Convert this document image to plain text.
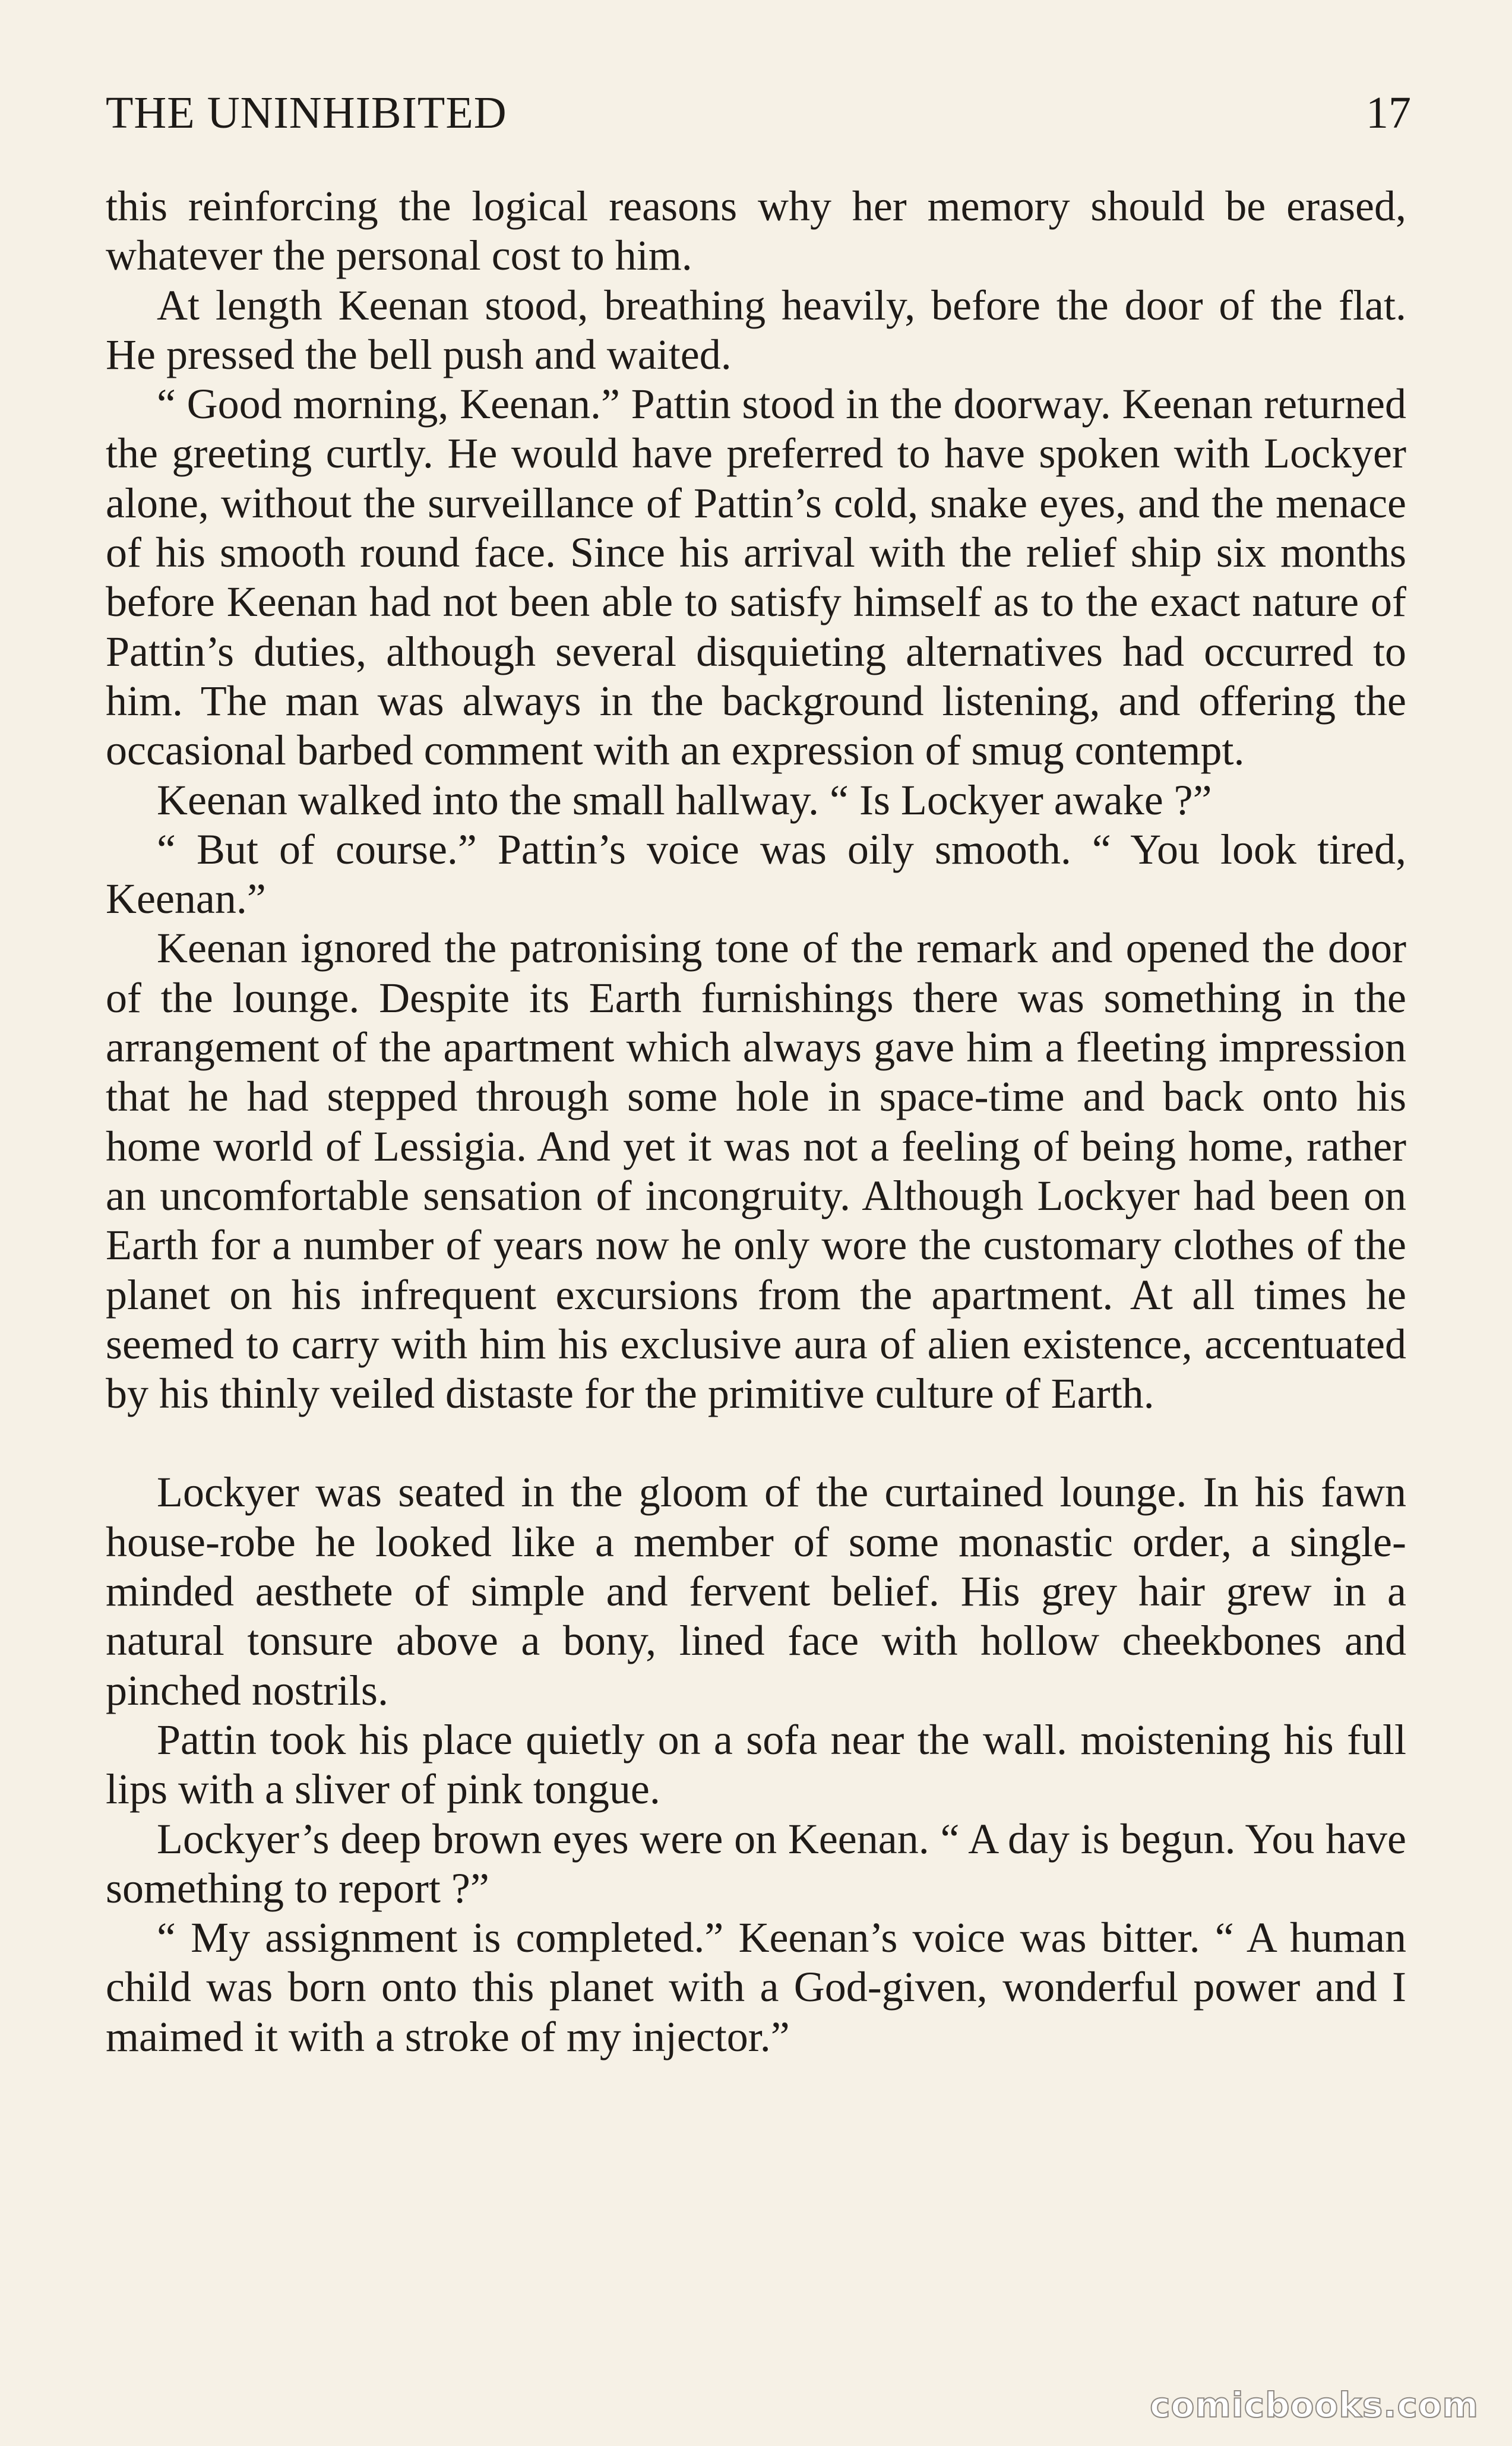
THE UNINHIBITED	17

this reinforcing the logical reasons why her memory should be erased, whatever the personal cost to him.

At length Keenan stood, breathing heavily, before the door of the flat. He pressed the bell push and waited.

“ Good morning, Keenan.” Pattin stood in the doorway. Keenan returned the greeting curtly. He would have preferred to have spoken with Lockyer alone, without the surveillance of Pattin’s cold, snake eyes, and the menace of his smooth round face. Since his arrival with the relief ship six months before Keenan had not been able to satisfy himself as to the exact nature of Pattin’s duties, although several disquieting alternatives had occurred to him. The man was always in the background listening, and offering the occasional barbed comment with an expression of smug contempt.

Keenan walked into the small hallway. “ Is Lockyer awake ?”

“ But of course.” Pattin’s voice was oily smooth. “ You look tired, Keenan.”

Keenan ignored the patronising tone of the remark and opened the door of the lounge. Despite its Earth furnishings there was something in the arrangement of the apartment which always gave him a fleeting impression that he had stepped through some hole in space-time and back onto his home world of Lessigia. And yet it was not a feeling of being home, rather an uncomfortable sensation of incongruity. Although Lockyer had been on Earth for a number of years now he only wore the customary clothes of the planet on his infrequent excursions from the apartment. At all times he seemed to carry with him his exclusive aura of alien existence, accentuated by his thinly veiled distaste for the primitive culture of Earth.

Lockyer was seated in the gloom of the curtained lounge. In his fawn house-robe he looked like a member of some monastic order, a single-minded aesthete of simple and fervent belief. His grey hair grew in a natural tonsure above a bony, lined face with hollow cheekbones and pinched nostrils.

Pattin took his place quietly on a sofa near the wall. moistening his full lips with a sliver of pink tongue.

Lockyer’s deep brown eyes were on Keenan. “ A day is begun. You have something to report ?”

“ My assignment is completed.” Keenan’s voice was bitter. “ A human child was born onto this planet with a God-given, wonderful power and I maimed it with a stroke of my injector.”

comicbooks.com
